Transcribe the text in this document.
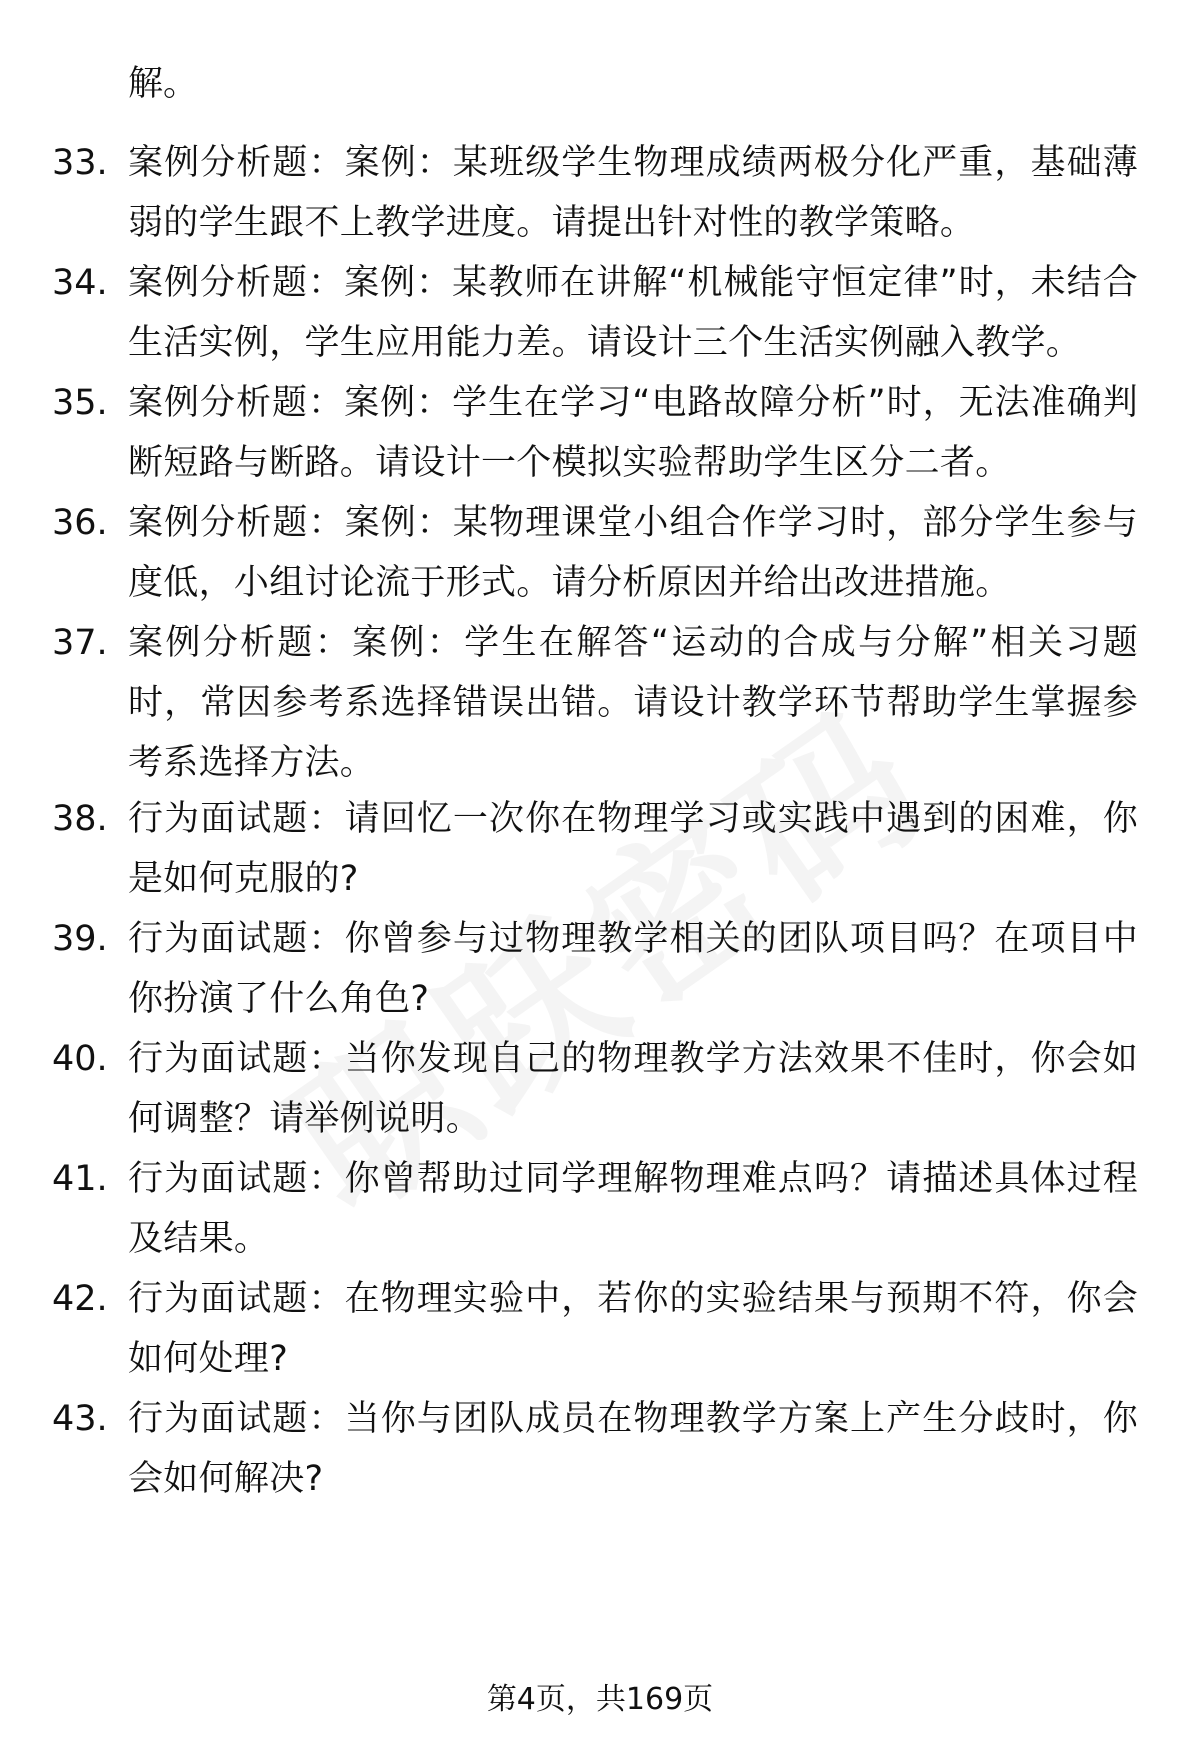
解。
33. 案例分析题：案例：某班级学生物理成绩两极分化严重，基础薄弱的学生跟不上教学进度。请提出针对性的教学策略。
34. 案例分析题：案例：某教师在讲解“机械能守恒定律”时，未结合生活实例，学生应用能力差。请设计三个生活实例融入教学。
35. 案例分析题：案例：学生在学习“电路故障分析”时，无法准确判断短路与断路。请设计一个模拟实验帮助学生区分二者。
36. 案例分析题：案例：某物理课堂小组合作学习时，部分学生参与度低，小组讨论流于形式。请分析原因并给出改进措施。
37. 案例分析题：案例：学生在解答“运动的合成与分解”相关习题时，常因参考系选择错误出错。请设计教学环节帮助学生掌握参考系选择方法。
38. 行为面试题：请回忆一次你在物理学习或实践中遇到的困难，你是如何克服的?
39. 行为面试题：你曾参与过物理教学相关的团队项目吗？在项目中你扮演了什么角色?
40. 行为面试题：当你发现自己的物理教学方法效果不佳时，你会如何调整？请举例说明。
41. 行为面试题：你曾帮助过同学理解物理难点吗？请描述具体过程及结果。
42. 行为面试题：在物理实验中，若你的实验结果与预期不符，你会如何处理?
43. 行为面试题：当你与团队成员在物理教学方案上产生分歧时，你会如何解决?
第4页，共169页
